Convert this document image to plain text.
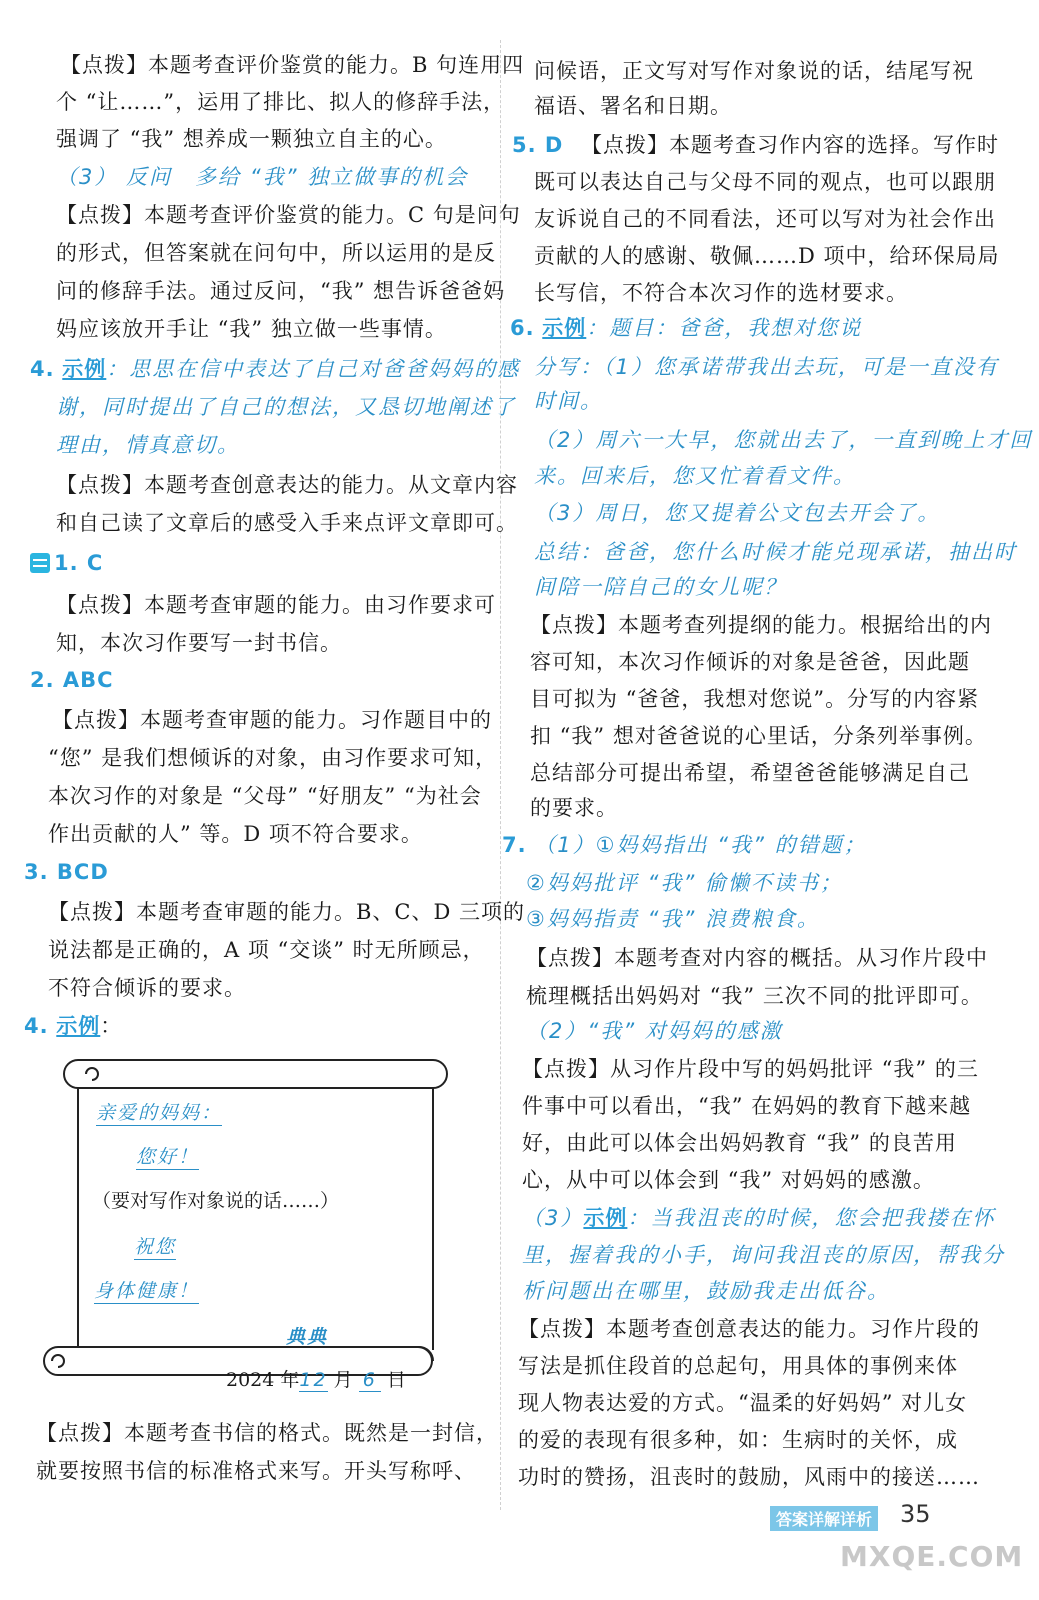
【点拨】本题考查评价鉴赏的能力。B 句连用四
个 “让……”，运用了排比、拟人的修辞手法，
强调了 “我” 想养成一颗独立自主的心。
（3） 反问　多给 “我” 独立做事的机会
【点拨】本题考查评价鉴赏的能力。C 句是问句
的形式，但答案就在问句中，所以运用的是反
问的修辞手法。通过反问，“我” 想告诉爸爸妈
妈应该放开手让 “我” 独立做一些事情。
4. 示例：思思在信中表达了自己对爸爸妈妈的感
谢，同时提出了自己的想法，又恳切地阐述了
理由，情真意切。
【点拨】本题考查创意表达的能力。从文章内容
和自己读了文章后的感受入手来点评文章即可。
1. C
【点拨】本题考查审题的能力。由习作要求可
知，本次习作要写一封书信。
2. ABC
【点拨】本题考查审题的能力。习作题目中的
“您” 是我们想倾诉的对象，由习作要求可知，
本次习作的对象是 “父母” “好朋友” “为社会
作出贡献的人” 等。D 项不符合要求。
3. BCD
【点拨】本题考查审题的能力。B、C、D 三项的
说法都是正确的，A 项 “交谈” 时无所顾忌，
不符合倾诉的要求。
4. 示例：
【点拨】本题考查书信的格式。既然是一封信，
就要按照书信的标准格式来写。开头写称呼、
亲爱的妈妈：
您好！
（要对写作对象说的话……）
祝您
身体健康！
典典
2024 年12 月 6 日
问候语，正文写对写作对象说的话，结尾写祝
福语、署名和日期。
5. D 【点拨】本题考查习作内容的选择。写作时
既可以表达自己与父母不同的观点，也可以跟朋
友诉说自己的不同看法，还可以写对为社会作出
贡献的人的感谢、敬佩……D 项中，给环保局局
长写信，不符合本次习作的选材要求。
6. 示例：题目：爸爸，我想对您说
分写：（1）您承诺带我出去玩，可是一直没有
时间。
（2）周六一大早，您就出去了，一直到晚上才回
来。回来后，您又忙着看文件。
（3）周日，您又提着公文包去开会了。
总结：爸爸，您什么时候才能兑现承诺，抽出时
间陪一陪自己的女儿呢？
【点拨】本题考查列提纲的能力。根据给出的内
容可知，本次习作倾诉的对象是爸爸，因此题
目可拟为 “爸爸，我想对您说”。分写的内容紧
扣 “我” 想对爸爸说的心里话，分条列举事例。
总结部分可提出希望，希望爸爸能够满足自己
的要求。
7. （1）①妈妈指出 “我” 的错题；
②妈妈批评 “我” 偷懒不读书；
③妈妈指责 “我” 浪费粮食。
【点拨】本题考查对内容的概括。从习作片段中
梳理概括出妈妈对 “我” 三次不同的批评即可。
（2）“我” 对妈妈的感激
【点拨】从习作片段中写的妈妈批评 “我” 的三
件事中可以看出，“我” 在妈妈的教育下越来越
好，由此可以体会出妈妈教育 “我” 的良苦用
心，从中可以体会到 “我” 对妈妈的感激。
（3）示例：当我沮丧的时候，您会把我搂在怀
里，握着我的小手，询问我沮丧的原因，帮我分
析问题出在哪里，鼓励我走出低谷。
【点拨】本题考查创意表达的能力。习作片段的
写法是抓住段首的总起句，用具体的事例来体
现人物表达爱的方式。“温柔的好妈妈” 对儿女
的爱的表现有很多种，如：生病时的关怀，成
功时的赞扬，沮丧时的鼓励，风雨中的接送……
答案详解详析 35
MXQE.COM
